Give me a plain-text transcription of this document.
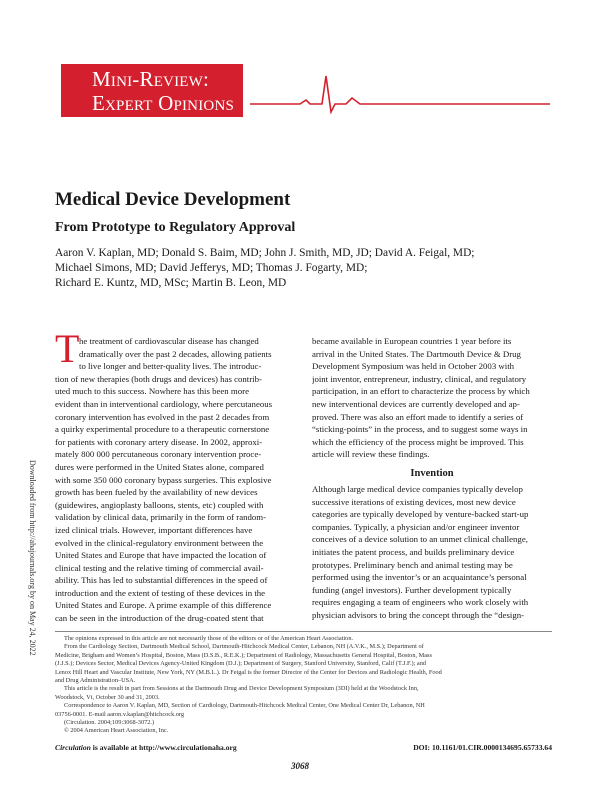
Mini-Review:
Expert Opinions
Medical Device Development
From Prototype to Regulatory Approval
Aaron V. Kaplan, MD; Donald S. Baim, MD; John J. Smith, MD, JD; David A. Feigal, MD;
Michael Simons, MD; David Jefferys, MD; Thomas J. Fogarty, MD;
Richard E. Kuntz, MD, MSc; Martin B. Leon, MD
Downloaded from http://ahajournals.org by on May 24, 2022
T he treatment of cardiovascular disease has changed
dramatically over the past 2 decades, allowing patients
to live longer and better-quality lives. The introduc-
tion of new therapies (both drugs and devices) has contrib-
uted much to this success. Nowhere has this been more
evident than in interventional cardiology, where percutaneous
coronary intervention has evolved in the past 2 decades from
a quirky experimental procedure to a therapeutic cornerstone
for patients with coronary artery disease. In 2002, approxi-
mately 800 000 percutaneous coronary intervention proce-
dures were performed in the United States alone, compared
with some 350 000 coronary bypass surgeries. This explosive
growth has been fueled by the availability of new devices
(guidewires, angioplasty balloons, stents, etc) coupled with
validation by clinical data, primarily in the form of random-
ized clinical trials. However, important differences have
evolved in the clinical-regulatory environment between the
United States and Europe that have impacted the location of
clinical testing and the relative timing of commercial avail-
ability. This has led to substantial differences in the speed of
introduction and the extent of testing of these devices in the
United States and Europe. A prime example of this difference
can be seen in the introduction of the drug-coated stent that
became available in European countries 1 year before its
arrival in the United States. The Dartmouth Device & Drug
Development Symposium was held in October 2003 with
joint inventor, entrepreneur, industry, clinical, and regulatory
participation, in an effort to characterize the process by which
new interventional devices are currently developed and ap-
proved. There was also an effort made to identify a series of
“sticking-points” in the process, and to suggest some ways in
which the efficiency of the process might be improved. This
article will review these findings.
Invention
Although large medical device companies typically develop
successive iterations of existing devices, most new device
categories are typically developed by venture-backed start-up
companies. Typically, a physician and/or engineer inventor
conceives of a device solution to an unmet clinical challenge,
initiates the patent process, and builds preliminary device
prototypes. Preliminary bench and animal testing may be
performed using the inventor’s or an acquaintance’s personal
funding (angel investors). Further development typically
requires engaging a team of engineers who work closely with
physician advisors to bring the concept through the “design-
The opinions expressed in this article are not necessarily those of the editors or of the American Heart Association.
From the Cardiology Section, Dartmouth Medical School, Dartmouth-Hitchcock Medical Center, Lebanon, NH (A.V.K., M.S.); Department of
Medicine, Brigham and Women’s Hospital, Boston, Mass (D.S.B., R.E.K.); Department of Radiology, Massachusetts General Hospital, Boston, Mass
(J.J.S.); Devices Sector, Medical Devices Agency-United Kingdom (D.J.); Department of Surgery, Stanford University, Stanford, Calif (T.J.F.); and
Lenox Hill Heart and Vascular Institute, New York, NY (M.B.L.). Dr Feigal is the former Director of the Center for Devices and Radiologic Health, Food
and Drug Administration–USA.
This article is the result in part from Sessions at the Dartmouth Drug and Device Development Symposium (3DI) held at the Woodstock Inn,
Woodstock, Vt, October 30 and 31, 2003.
Correspondence to Aaron V. Kaplan, MD, Section of Cardiology, Dartmouth-Hitchcock Medical Center, One Medical Center Dr, Lebanon, NH
03756-0001. E-mail aaron.v.kaplan@hitchcock.org
(Circulation. 2004;109:3068-3072.)
© 2004 American Heart Association, Inc.
Circulation is available at http://www.circulationaha.org	DOI: 10.1161/01.CIR.0000134695.65733.64
3068
